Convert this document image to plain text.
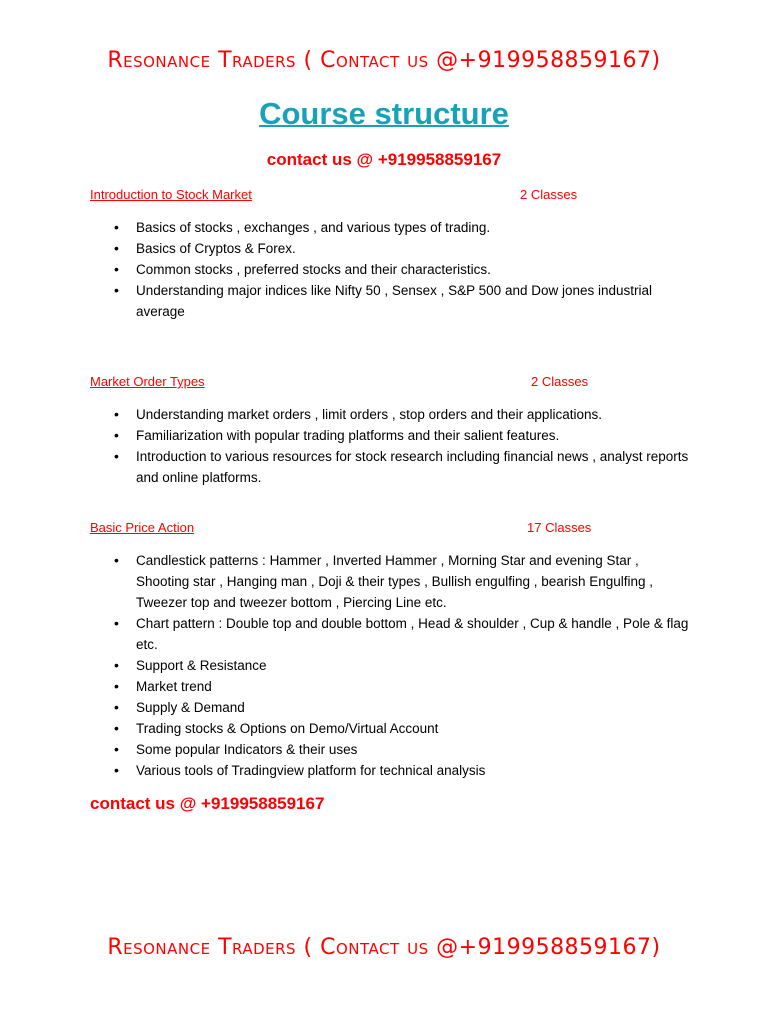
Resonance Traders ( Contact us @+919958859167)
Course structure
contact us @ +919958859167
Introduction to Stock Market	2 Classes
• Basics of stocks , exchanges , and various types of trading.
• Basics of Cryptos & Forex.
• Common stocks , preferred stocks and their characteristics.
• Understanding major indices like Nifty 50 , Sensex , S&P 500 and Dow jones industrial average
Market Order Types	2 Classes
• Understanding market orders , limit orders , stop orders and their applications.
• Familiarization with popular trading platforms and their salient features.
• Introduction to various resources for stock research including financial news , analyst reports and online platforms.
Basic Price Action	17 Classes
• Candlestick patterns : Hammer , Inverted Hammer , Morning Star and evening Star , Shooting star , Hanging man , Doji & their types , Bullish engulfing , bearish Engulfing , Tweezer top and tweezer bottom , Piercing Line etc.
• Chart pattern : Double top and double bottom , Head & shoulder , Cup & handle , Pole & flag etc.
• Support & Resistance
• Market trend
• Supply & Demand
• Trading stocks & Options on Demo/Virtual Account
• Some popular Indicators & their uses
• Various tools of Tradingview platform for technical analysis
contact us @ +919958859167
Resonance Traders ( Contact us @+919958859167)
